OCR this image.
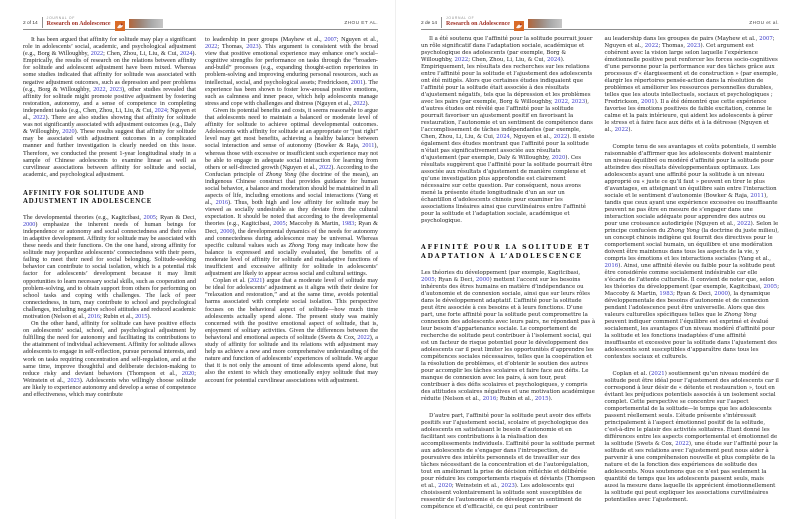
2 of 14
JOURNAL OF
Research on Adolescence	ZHOU ET AL.

It has been argued that affinity for solitude may play a significant role in adolescents’ social, academic, and psychological adjustment (e.g., Borg & Willoughby, 2022; Chen, Zhou, Li, Liu, & Cui, 2024). Empirically, the results of research on the relations between affinity for solitude and adolescent adjustment have been mixed. Whereas some studies indicated that affinity for solitude was associated with negative adjustment outcomes, such as depression and peer problems (e.g., Borg & Willoughby, 2022, 2023), other studies revealed that affinity for solitude might promote positive adjustment by fostering restoration, autonomy, and a sense of competence in completing independent tasks (e.g., Chen, Zhou, Li, Liu, & Cui, 2024; Nguyen et al., 2022). There are also studies showing that affinity for solitude was not significantly associated with adjustment outcomes (e.g., Daly & Willoughby, 2020). These results suggest that affinity for solitude may be associated with adjustment outcomes in a complicated manner and further investigation is clearly needed on this issue. Therefore, we conducted the present 1-year longitudinal study in a sample of Chinese adolescents to examine linear as well as curvilinear associations between affinity for solitude and social, academic, and psychological adjustment.

AFFINITY FOR SOLITUDE AND ADJUSTMENT IN ADOLESCENCE

The developmental theories (e.g., Kagitcibasi, 2005; Ryan & Deci, 2000) emphasize the inherent needs of human beings for independence or autonomy and social connectedness and their roles in adaptive development. Affinity for solitude may be associated with these needs and their functions. On the one hand, strong affinity for solitude may jeopardize adolescents’ connectedness with their peers, failing to meet their need for social belonging. Solitude-seeking behavior can contribute to social isolation, which is a potential risk factor for adolescents’ development because it may limit opportunities to learn necessary social skills, such as cooperation and problem-solving, and to obtain support from others for performing on school tasks and coping with challenges. The lack of peer connectedness, in turn, may contribute to school and psychological challenges, including negative school attitudes and reduced academic motivation (Nelson et al., 2016; Rubin et al., 2015).

On the other hand, affinity for solitude can have positive effects on adolescents’ social, school, and psychological adjustment by fulfilling the need for autonomy and facilitating its contributions to the attainment of individual achievement. Affinity for solitude allows adolescents to engage in self-reflection, pursue personal interests, and work on tasks requiring concentration and self-regulation, and at the same time, improve thoughtful and deliberate decision-making to reduce risky and deviant behaviors (Thompson et al., 2020; Weinstein et al., 2023). Adolescents who willingly choose solitude are likely to experience autonomy and develop a sense of competence and effectiveness, which may contribute

to leadership in peer groups (Mayhew et al., 2007; Nguyen et al., 2022; Thomas, 2023). This argument is consistent with the broad view that positive emotional experience may enhance one’s social–cognitive strengths for performance on tasks through the “broaden-and-build” processes (e.g., expanding thought-action repertoires in problem-solving and improving enduring personal resources, such as intellectual, social, and psychological assets; Fredrickson, 2001). The experience has been shown to foster low-arousal positive emotions, such as calmness and inner peace, which help adolescents manage stress and cope with challenges and distress (Nguyen et al., 2022).

Given its potential benefits and costs, it seems reasonable to argue that adolescents need to maintain a balanced or moderate level of affinity for solitude to achieve optimal developmental outcomes. Adolescents with affinity for solitude at an appropriate or “just right” level may get most benefits, achieving a healthy balance between social interaction and sense of autonomy (Bowker & Raja, 2011), whereas those with excessive or insufficient such experience may not be able to engage in adequate social interaction for learning from others or self-directed growth (Nguyen et al., 2022). According to the Confucian principle of Zhong Yong (the doctrine of the mean), an indigenous Chinese construct that provides guidance for human social behavior, a balance and moderation should be maintained in all aspects of life, including emotions and social interactions (Yang et al., 2016). Thus, both high and low affinity for solitude may be viewed as socially undesirable as they deviate from the cultural expectation. It should be noted that according to the developmental theories (e.g., Kagitcibasi, 2005; Maccoby & Martin, 1983; Ryan & Deci, 2000), the developmental dynamics of the needs for autonomy and connectedness during adolescence may be universal. Whereas specific cultural values such as Zhong Yong may indicate how the balance is expressed and socially evaluated, the benefits of a moderate level of affinity for solitude and maladaptive functions of insufficient and excessive affinity for solitude in adolescents’ adjustment are likely to appear across social and cultural settings.

Coplan et al. (2021) argue that a moderate level of solitude may be ideal for adolescents’ adjustment as it aligns with their desire for “relaxation and restoration,” and at the same time, avoids potential harms associated with complete social isolation. This perspective focuses on the behavioral aspect of solitude—how much time adolescents actually spend alone. The present study was mainly concerned with the positive emotional aspect of solitude, that is, enjoyment of solitary activities. Given the differences between the behavioral and emotional aspects of solitude (Swets & Cox, 2022), a study of affinity for solitude and its relations with adjustment may help us achieve a new and more comprehensive understanding of the nature and function of adolescents’ experiences of solitude. We argue that it is not only the amount of time adolescents spend alone, but also the extent to which they emotionally enjoy solitude that may account for potential curvilinear associations with adjustment.

2 de 14
JOURNAL OF
Research on Adolescence	ZHOU et al.

Il a été soutenu que l’affinité pour la solitude pourrait jouer un rôle significatif dans l’adaptation sociale, académique et psychologique des adolescents (par exemple, Borg & Willoughby, 2022; Chen, Zhou, Li, Liu, & Cui, 2024). Empiriquement, les résultats des recherches sur les relations entre l’affinité pour la solitude et l’ajustement des adolescents ont été mitigés. Alors que certaines études indiquaient que l’affinité pour la solitude était associée à des résultats d’ajustement négatifs, tels que la dépression et les problèmes avec les pairs (par exemple, Borg & Willoughby, 2022, 2023), d’autres études ont révélé que l’affinité pour la solitude pourrait favoriser un ajustement positif en favorisant la restauration, l’autonomie et un sentiment de compétence dans l’accomplissement de tâches indépendantes (par exemple, Chen, Zhou, Li, Liu, & Cui, 2024, Nguyen et al., 2022). Il existe également des études montrant que l’affinité pour la solitude n’était pas significativement associée aux résultats d’ajustement (par exemple, Daly & Willoughby, 2020). Ces résultats suggèrent que l’affinité pour la solitude pourrait être associée aux résultats d’ajustement de manière complexe et qu’une investigation plus approfondie est clairement nécessaire sur cette question. Par conséquent, nous avons mené la présente étude longitudinale d’un an sur un échantillon d’adolescents chinois pour examiner les associations linéaires ainsi que curvilinéaires entre l’affinité pour la solitude et l’adaptation sociale, académique et psychologique.

AFFINITÉ POUR LA SOLITUDE ET ADAPTATION À L’ADOLESCENCE

Les théories du développement (par exemple, Kagitcibasi, 2005; Ryan & Deci, 2000) mettent l’accent sur les besoins inhérents des êtres humains en matière d’indépendance ou d’autonomie et de connexion sociale, ainsi que sur leurs rôles dans le développement adaptatif. L’affinité pour la solitude peut être associée à ces besoins et à leurs fonctions. D’une part, une forte affinité pour la solitude peut compromettre la connexion des adolescents avec leurs pairs, ne répondant pas à leur besoin d’appartenance sociale. Le comportement de recherche de solitude peut contribuer à l’isolement social, qui est un facteur de risque potentiel pour le développement des adolescents car il peut limiter les opportunités d’apprendre les compétences sociales nécessaires, telles que la coopération et la résolution de problèmes, et d’obtenir le soutien des autres pour accomplir les tâches scolaires et faire face aux défis. Le manque de connexion avec les pairs, à son tour, peut contribuer à des défis scolaires et psychologiques, y compris des attitudes scolaires négatives et une motivation académique réduite (Nelson et al., 2016; Rubin et al., 2015).

D’autre part, l’affinité pour la solitude peut avoir des effets positifs sur l’ajustement social, scolaire et psychologique des adolescents en satisfaisant le besoin d’autonomie et en facilitant ses contributions à la réalisation des accomplissements individuels. L’affinité pour la solitude permet aux adolescents de s’engager dans l’introspection, de poursuivre des intérêts personnels et de travailler sur des tâches nécessitant de la concentration et de l’autorégulation, tout en améliorant la prise de décision réfléchie et délibérée pour réduire les comportements risqués et déviants (Thompson et al., 2020; Weinstein et al., 2023). Les adolescents qui choisissent volontairement la solitude sont susceptibles de ressentir de l’autonomie et de développer un sentiment de compétence et d’efficacité, ce qui peut contribuer

au leadership dans les groupes de pairs (Mayhew et al., 2007; Nguyen et al., 2022; Thomas, 2023). Cet argument est cohérent avec la vision large selon laquelle l’expérience émotionnelle positive peut renforcer les forces socio-cognitives d’une personne pour la performance sur des tâches grâce aux processus d’« élargissement et de construction » (par exemple, élargir les répertoires pensée-action dans la résolution de problèmes et améliorer les ressources personnelles durables, telles que les atouts intellectuels, sociaux et psychologiques ; Fredrickson, 2001). Il a été démontré que cette expérience favorise les émotions positives de faible excitation, comme le calme et la paix intérieure, qui aident les adolescents à gérer le stress et à faire face aux défis et à la détresse (Nguyen et al., 2022).

Compte tenu de ses avantages et coûts potentiels, il semble raisonnable d’affirmer que les adolescents doivent maintenir un niveau équilibré ou modéré d’affinité pour la solitude pour atteindre des résultats développementaux optimaux. Les adolescents ayant une affinité pour la solitude à un niveau approprié ou « juste ce qu’il faut » peuvent en tirer le plus d’avantages, en atteignant un équilibre sain entre l’interaction sociale et le sentiment d’autonomie (Bowker & Raja, 2011), tandis que ceux ayant une expérience excessive ou insuffisante peuvent ne pas être en mesure de s’engager dans une interaction sociale adéquate pour apprendre des autres ou pour une croissance autodirigée (Nguyen et al., 2022). Selon le principe confucéen du Zhong Yong (la doctrine du juste milieu), un concept chinois indigène qui fournit des directives pour le comportement social humain, un équilibre et une modération doivent être maintenus dans tous les aspects de la vie, y compris les émotions et les interactions sociales (Yang et al., 2016). Ainsi, une affinité élevée ou faible pour la solitude peut être considérée comme socialement indésirable car elle s’écarte de l’attente culturelle. Il convient de noter que, selon les théories du développement (par exemple, Kagitcibasi, 2005; Maccoby & Martin, 1983; Ryan & Deci, 2000), la dynamique développementale des besoins d’autonomie et de connexion pendant l’adolescence peut être universelle. Alors que des valeurs culturelles spécifiques telles que le Zhong Yong peuvent indiquer comment l’équilibre est exprimé et évalué socialement, les avantages d’un niveau modéré d’affinité pour la solitude et les fonctions inadaptées d’une affinité insuffisante et excessive pour la solitude dans l’ajustement des adolescents sont susceptibles d’apparaître dans tous les contextes sociaux et culturels.

Coplan et al. (2021) soutiennent qu’un niveau modéré de solitude peut être idéal pour l’ajustement des adolescents car il correspond à leur désir de « détente et restauration », tout en évitant les préjudices potentiels associés à un isolement social complet. Cette perspective se concentre sur l’aspect comportemental de la solitude—le temps que les adolescents passent réellement seuls. L’étude présente s’intéressait principalement à l’aspect émotionnel positif de la solitude, c’est-à-dire le plaisir des activités solitaires. Étant donné les différences entre les aspects comportemental et émotionnel de la solitude (Swets & Cox, 2022), une étude sur l’affinité pour la solitude et ses relations avec l’ajustement peut nous aider à parvenir à une compréhension nouvelle et plus complète de la nature et de la fonction des expériences de solitude des adolescents. Nous soutenons que ce n’est pas seulement la quantité de temps que les adolescents passent seuls, mais aussi la mesure dans laquelle ils apprécient émotionnellement la solitude qui peut expliquer les associations curvilinéaires potentielles avec l’ajustement.
